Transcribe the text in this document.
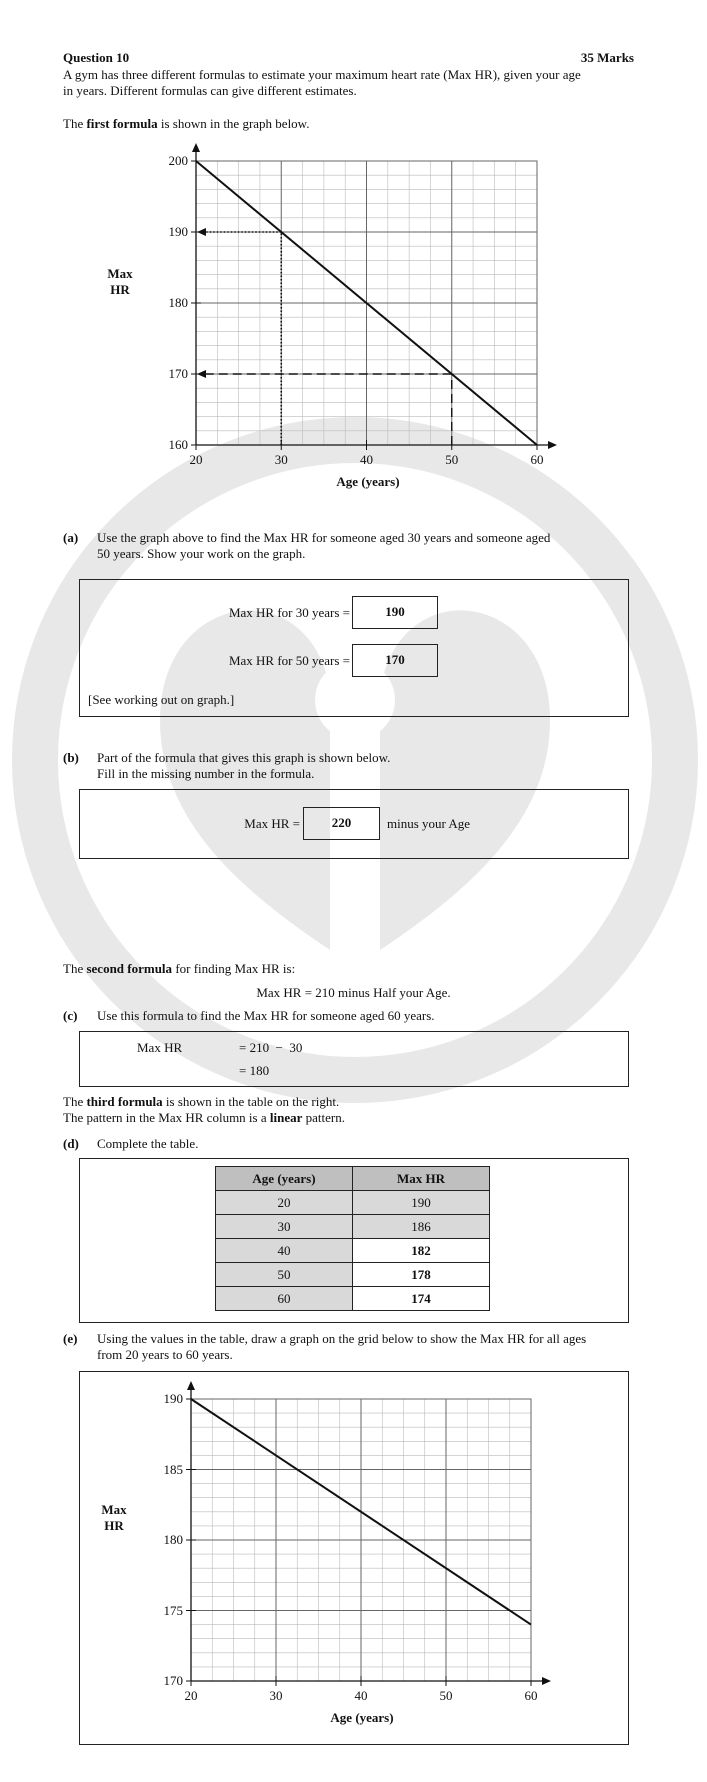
Question 10	35 Marks
A gym has three different formulas to estimate your maximum heart rate (Max HR), given your age
in years. Different formulas can give different estimates.
The first formula is shown in the graph below.
Max
HR
Age (years)
(a) Use the graph above to find the Max HR for someone aged 30 years and someone aged
50 years. Show your work on the graph.
Max HR for 30 years =	190
Max HR for 50 years =	170
[See working out on graph.]
(b) Part of the formula that gives this graph is shown below.
Fill in the missing number in the formula.
Max HR =	220	minus your Age
The second formula for finding Max HR is:
Max HR = 210 minus Half your Age.
(c) Use this formula to find the Max HR for someone aged 60 years.
Max HR	= 210  −  30
= 180
The third formula is shown in the table on the right.
The pattern in the Max HR column is a linear pattern.
(d) Complete the table.
Age (years)	Max HR
20	190
30	186
40	182
50	178
60	174
(e) Using the values in the table, draw a graph on the grid below to show the Max HR for all ages
from 20 years to 60 years.
Max
HR
Age (years)
20	30	40	50	60
160
170
180
190
200
20	30	40	50	60
170
175
180
185
190
